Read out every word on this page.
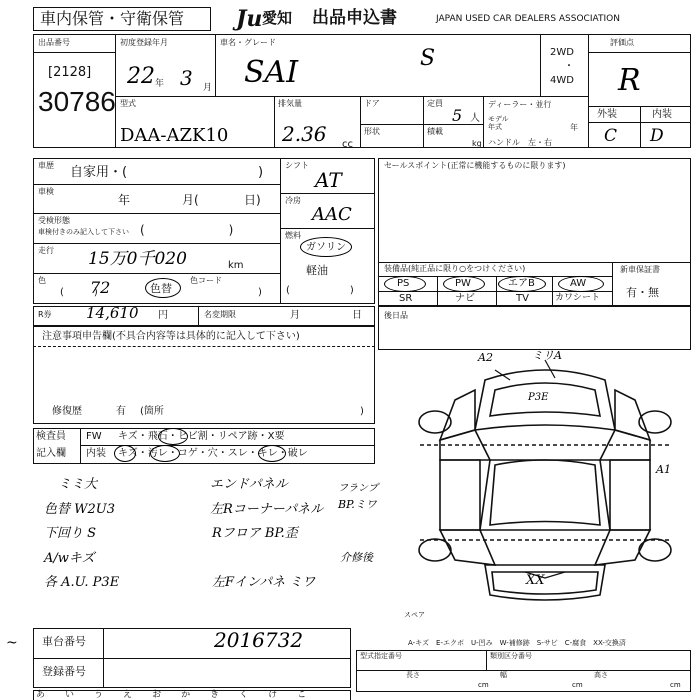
車内保管・守衛保管 Ju 愛知 出品申込書	JAPAN USED CAR DEALERS ASSOCIATION
出品番号
[2128]
30786
初度登録年月
22 年 3 月
車名・グレード
SAI	S	2WD
4WD
・
評価点
R
外装	内装
C D
型式
DAA-AZK10
排気量
2.36 cc
ドア
形状
定員
5 人
積載
kg
ディーラー・並行
モデル
年式	年
ハンドル　左・右
車歴 自家用・(	)
車検
年	月(	日)
受検形態
車検付きのみ記入して下さい (　　　　　　　)
走行 15万0千020	km
色	72	色替
色コード
(　　　)	)
シフト
AT
冷房
AAC
燃料
ガソリン
軽油
(　　　　　　)
セールスポイント(正常に機能するものに限ります)
装備品(純正品に限り○をつけください)	新車保証書
有・無
PS	PW	エアB	AW
SR	ナビ	TV	カワシート
R券 14,610 円	名変期限	月	日	後日品
注意事項申告欄(不具合内容等は具体的に記入して下さい)
修復歴	有 (箇所	)
検査員
記入欄
FW キズ・飛石・ヒビ割・リペア跡・X要
内装 キズ・汚レ・コゲ・穴・スレ・キレ・破レ
ミミ大
色替 W2U3
下回り S
A/wキズ
各 A.U. P3E
エンドパネル
左Rコーナーパネル
Rフロア BP.歪
左Fインパネ ミワ
フランプ
BP.ミワ
介修後
A2	ミリA
P3E
A1
XX
スペア
A-キズ　E-エクボ　U-凹み　W-補修跡　S-サビ　C-腐食　XX-交換済
車台番号	2016732
登録番号
型式指定番号	類別区分番号
長さ
cm
幅
cm
高さ
cm
あ い う え お か き く け こ
~
